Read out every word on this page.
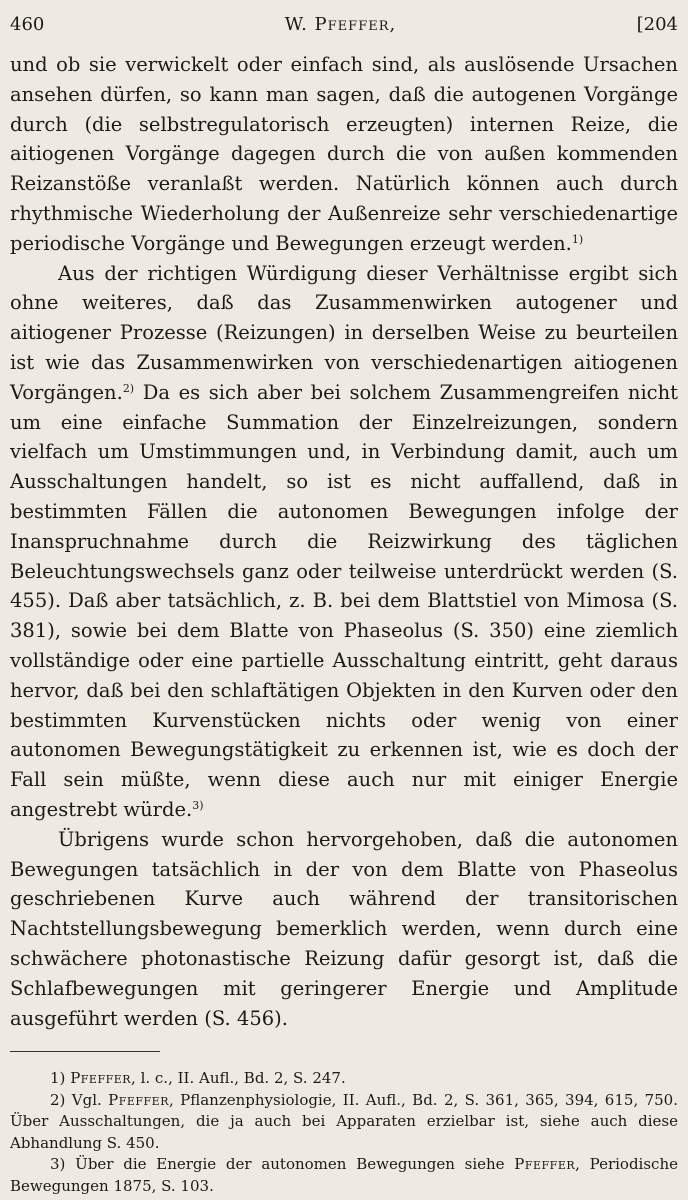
460	W. Pfeffer,	[204

und ob sie verwickelt oder einfach sind, als auslösende Ursachen ansehen dürfen, so kann man sagen, daß die autogenen Vorgänge durch (die selbstregulatorisch erzeugten) internen Reize, die aitiogenen Vorgänge dagegen durch die von außen kommenden Reizanstöße veranlaßt werden. Natürlich können auch durch rhythmische Wiederholung der Außenreize sehr verschiedenartige periodische Vorgänge und Bewegungen erzeugt werden.$^{1)}$

Aus der richtigen Würdigung dieser Verhältnisse ergibt sich ohne weiteres, daß das Zusammenwirken autogener und aitiogener Prozesse (Reizungen) in derselben Weise zu beurteilen ist wie das Zusammenwirken von verschiedenartigen aitiogenen Vorgängen.$^{2)}$ Da es sich aber bei solchem Zusammengreifen nicht um eine einfache Summation der Einzelreizungen, sondern vielfach um Umstimmungen und, in Verbindung damit, auch um Ausschaltungen handelt, so ist es nicht auffallend, daß in bestimmten Fällen die autonomen Bewegungen infolge der Inanspruchnahme durch die Reizwirkung des täglichen Beleuchtungswechsels ganz oder teilweise unterdrückt werden (S. 455). Daß aber tatsächlich, z. B. bei dem Blattstiel von Mimosa (S. 381), sowie bei dem Blatte von Phaseolus (S. 350) eine ziemlich vollständige oder eine partielle Ausschaltung eintritt, geht daraus hervor, daß bei den schlaftätigen Objekten in den Kurven oder den bestimmten Kurvenstücken nichts oder wenig von einer autonomen Bewegungstätigkeit zu erkennen ist, wie es doch der Fall sein müßte, wenn diese auch nur mit einiger Energie angestrebt würde.$^{3)}$

Übrigens wurde schon hervorgehoben, daß die autonomen Bewegungen tatsächlich in der von dem Blatte von Phaseolus geschriebenen Kurve auch während der transitorischen Nachtstellungsbewegung bemerklich werden, wenn durch eine schwächere photonastische Reizung dafür gesorgt ist, daß die Schlafbewegungen mit geringerer Energie und Amplitude ausgeführt werden (S. 456).

1) Pfeffer, l. c., II. Aufl., Bd. 2, S. 247.

2) Vgl. Pfeffer, Pflanzenphysiologie, II. Aufl., Bd. 2, S. 361, 365, 394, 615, 750. Über Ausschaltungen, die ja auch bei Apparaten erzielbar ist, siehe auch diese Abhandlung S. 450.

3) Über die Energie der autonomen Bewegungen siehe Pfeffer, Periodische Bewegungen 1875, S. 103.
